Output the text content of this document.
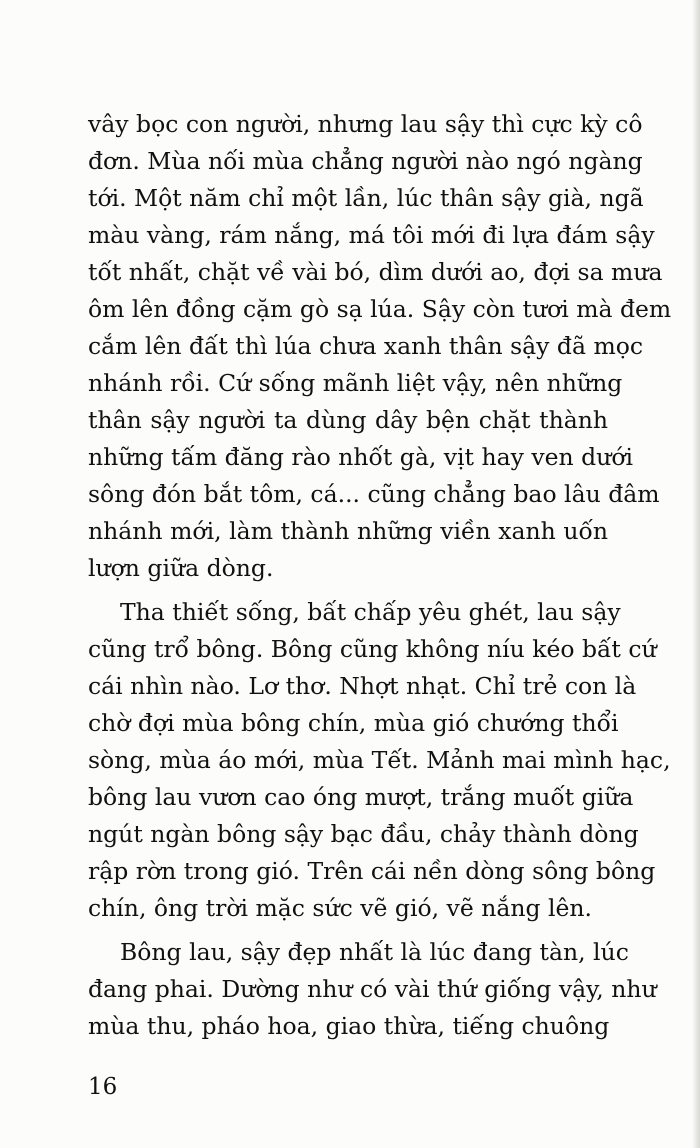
vây bọc con người, nhưng lau sậy thì cực kỳ cô
đơn. Mùa nối mùa chẳng người nào ngó ngàng
tới. Một năm chỉ một lần, lúc thân sậy già, ngã
màu vàng, rám nắng, má tôi mới đi lựa đám sậy
tốt nhất, chặt về vài bó, dìm dưới ao, đợi sa mưa
ôm lên đồng cặm gò sạ lúa. Sậy còn tươi mà đem
cắm lên đất thì lúa chưa xanh thân sậy đã mọc
nhánh rồi. Cứ sống mãnh liệt vậy, nên những
thân sậy người ta dùng dây bện chặt thành
những tấm đăng rào nhốt gà, vịt hay ven dưới
sông đón bắt tôm, cá... cũng chẳng bao lâu đâm
nhánh mới, làm thành những viền xanh uốn
lượn giữa dòng.
Tha thiết sống, bất chấp yêu ghét, lau sậy
cũng trổ bông. Bông cũng không níu kéo bất cứ
cái nhìn nào. Lơ thơ. Nhợt nhạt. Chỉ trẻ con là
chờ đợi mùa bông chín, mùa gió chướng thổi
sòng, mùa áo mới, mùa Tết. Mảnh mai mình hạc,
bông lau vươn cao óng mượt, trắng muốt giữa
ngút ngàn bông sậy bạc đầu, chảy thành dòng
rập rờn trong gió. Trên cái nền dòng sông bông
chín, ông trời mặc sức vẽ gió, vẽ nắng lên.
Bông lau, sậy đẹp nhất là lúc đang tàn, lúc
đang phai. Dường như có vài thứ giống vậy, như
mùa thu, pháo hoa, giao thừa, tiếng chuông
16
